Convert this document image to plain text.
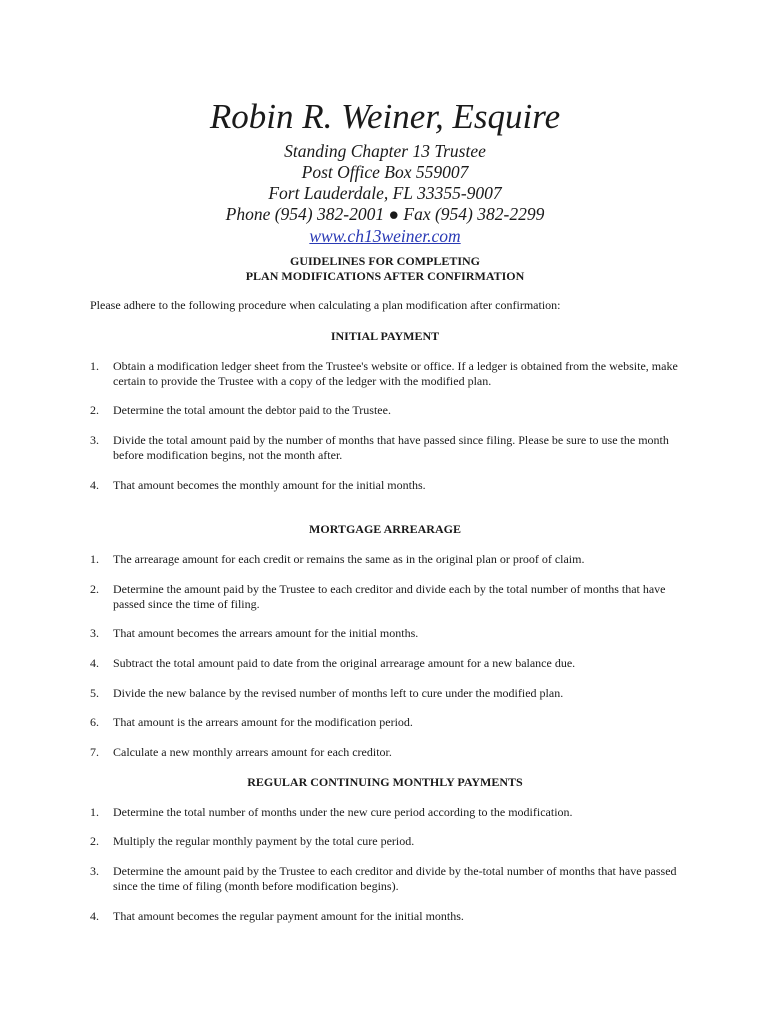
Robin R. Weiner, Esquire

Standing Chapter 13 Trustee

Post Office Box 559007

Fort Lauderdale, FL 33355-9007

Phone (954) 382-2001 ● Fax (954) 382-2299

www.ch13weiner.com

GUIDELINES FOR COMPLETING
PLAN MODIFICATIONS AFTER CONFIRMATION
Please adhere to the following procedure when calculating a plan modification after confirmation:
INITIAL PAYMENT
1.	Obtain a modification ledger sheet from the Trustee's website or office. If a ledger is obtained from the website, make certain to provide the Trustee with a copy of the ledger with the modified plan.
2.	Determine the total amount the debtor paid to the Trustee.
3.	Divide the total amount paid by the number of months that have passed since filing. Please be sure to use the month before modification begins, not the month after.
4.	That amount becomes the monthly amount for the initial months.
MORTGAGE ARREARAGE
1.	The arrearage amount for each credit or remains the same as in the original plan or proof of claim.
2.	Determine the amount paid by the Trustee to each creditor and divide each by the total number of months that have passed since the time of filing.
3.	That amount becomes the arrears amount for the initial months.
4.	Subtract the total amount paid to date from the original arrearage amount for a new balance due.
5.	Divide the new balance by the revised number of months left to cure under the modified plan.
6.	That amount is the arrears amount for the modification period.
7.	Calculate a new monthly arrears amount for each creditor.
REGULAR CONTINUING MONTHLY PAYMENTS
1.	Determine the total number of months under the new cure period according to the modification.
2.	Multiply the regular monthly payment by the total cure period.
3.	Determine the amount paid by the Trustee to each creditor and divide by the-total number of months that have passed since the time of filing (month before modification begins).
4.	That amount becomes the regular payment amount for the initial months.
